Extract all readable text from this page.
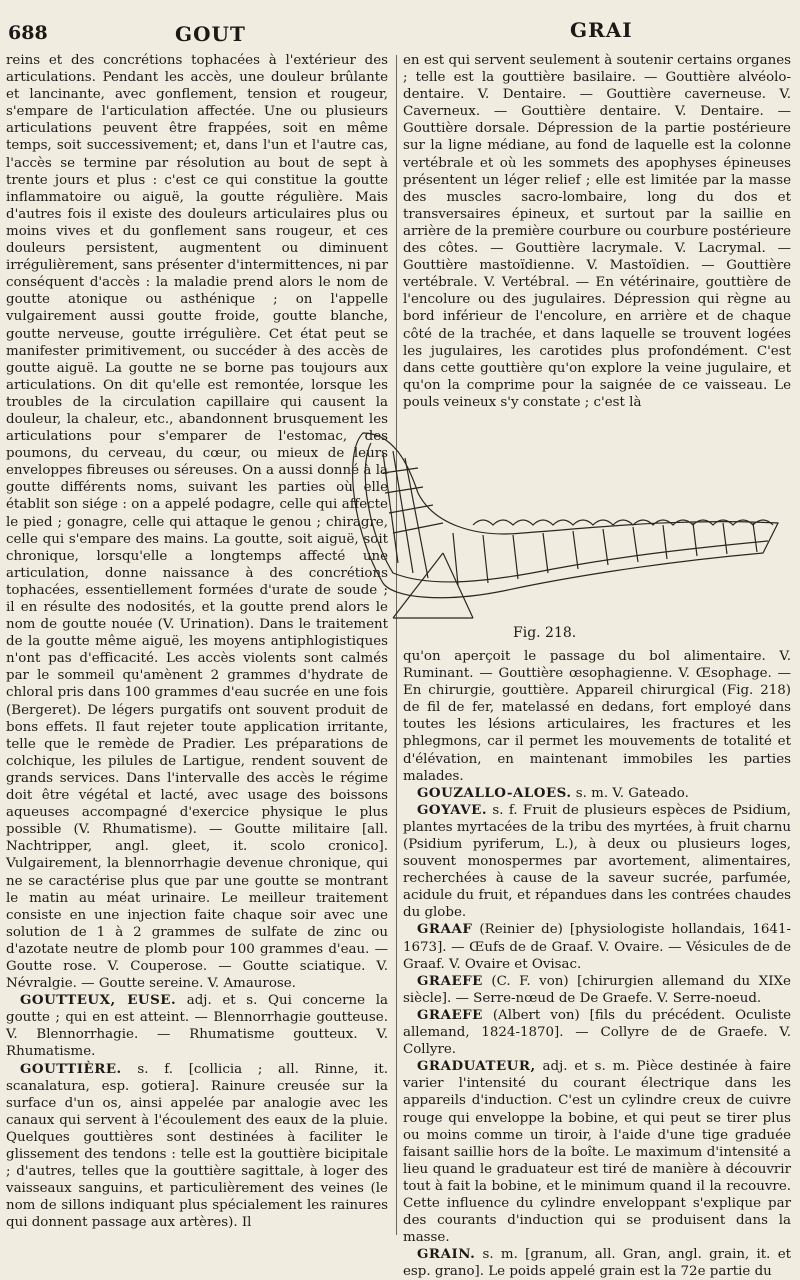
688	GOUT	GRAI

reins et des concrétions tophacées à l'extérieur des articulations. Pendant les accès, une douleur brûlante et lancinante, avec gonflement, tension et rougeur, s'empare de l'articulation affectée. Une ou plusieurs articulations peuvent être frappées, soit en même temps, soit successivement; et, dans l'un et l'autre cas, l'accès se termine par résolution au bout de sept à trente jours et plus : c'est ce qui constitue la goutte inflammatoire ou aiguë, la goutte régulière. Mais d'autres fois il existe des douleurs articulaires plus ou moins vives et du gonflement sans rougeur, et ces douleurs persistent, augmentent ou diminuent irrégulièrement, sans présenter d'intermittences, ni par conséquent d'accès : la maladie prend alors le nom de goutte atonique ou asthénique ; on l'appelle vulgairement aussi goutte froide, goutte blanche, goutte nerveuse, goutte irrégulière. Cet état peut se manifester primitivement, ou succéder à des accès de goutte aiguë. La goutte ne se borne pas toujours aux articulations. On dit qu'elle est remontée, lorsque les troubles de la circulation capillaire qui causent la douleur, la chaleur, etc., abandonnent brusquement les articulations pour s'emparer de l'estomac, des poumons, du cerveau, du cœur, ou mieux de leurs enveloppes fibreuses ou séreuses. On a aussi donné à la goutte différents noms, suivant les parties où elle établit son siége : on a appelé podagre, celle qui affecte le pied ; gonagre, celle qui attaque le genou ; chiragre, celle qui s'empare des mains. La goutte, soit aiguë, soit chronique, lorsqu'elle a longtemps affecté une articulation, donne naissance à des concrétions tophacées, essentiellement formées d'urate de soude ; il en résulte des nodosités, et la goutte prend alors le nom de goutte nouée (V. Urination). Dans le traitement de la goutte même aiguë, les moyens antiphlogistiques n'ont pas d'efficacité. Les accès violents sont calmés par le sommeil qu'amènent 2 grammes d'hydrate de chloral pris dans 100 grammes d'eau sucrée en une fois (Bergeret). De légers purgatifs ont souvent produit de bons effets. Il faut rejeter toute application irritante, telle que le remède de Pradier. Les préparations de colchique, les pilules de Lartigue, rendent souvent de grands services. Dans l'intervalle des accès le régime doit être végétal et lacté, avec usage des boissons aqueuses accompagné d'exercice physique le plus possible (V. Rhumatisme). — Goutte militaire [all. Nachtripper, angl. gleet, it. scolo cronico]. Vulgairement, la blennorrhagie devenue chronique, qui ne se caractérise plus que par une goutte se montrant le matin au méat urinaire. Le meilleur traitement consiste en une injection faite chaque soir avec une solution de 1 à 2 grammes de sulfate de zinc ou d'azotate neutre de plomb pour 100 grammes d'eau. — Goutte rose. V. Couperose. — Goutte sciatique. V. Névralgie. — Goutte sereine. V. Amaurose.

GOUTTEUX, EUSE. adj. et s. Qui concerne la goutte ; qui en est atteint. — Blennorrhagie goutteuse. V. Blennorrhagie. — Rhumatisme goutteux. V. Rhumatisme.

GOUTTIÈRE. s. f. [collicia ; all. Rinne, it. scanalatura, esp. gotiera]. Rainure creusée sur la surface d'un os, ainsi appelée par analogie avec les canaux qui servent à l'écoulement des eaux de la pluie. Quelques gouttières sont destinées à faciliter le glissement des tendons : telle est la gouttière bicipitale ; d'autres, telles que la gouttière sagittale, à loger des vaisseaux sanguins, et particulièrement des veines (le nom de sillons indiquant plus spécialement les rainures qui donnent passage aux artères). Il

en est qui servent seulement à soutenir certains organes ; telle est la gouttière basilaire. — Gouttière alvéolo-dentaire. V. Dentaire. — Gouttière caverneuse. V. Caverneux. — Gouttière dentaire. V. Dentaire. — Gouttière dorsale. Dépression de la partie postérieure sur la ligne médiane, au fond de laquelle est la colonne vertébrale et où les sommets des apophyses épineuses présentent un léger relief ; elle est limitée par la masse des muscles sacro-lombaire, long du dos et transversaires épineux, et surtout par la saillie en arrière de la première courbure ou courbure postérieure des côtes. — Gouttière lacrymale. V. Lacrymal. — Gouttière mastoïdienne. V. Mastoïdien. — Gouttière vertébrale. V. Vertébral. — En vétérinaire, gouttière de l'encolure ou des jugulaires. Dépression qui règne au bord inférieur de l'encolure, en arrière et de chaque côté de la trachée, et dans laquelle se trouvent logées les jugulaires, les carotides plus profondément. C'est dans cette gouttière qu'on explore la veine jugulaire, et qu'on la comprime pour la saignée de ce vaisseau. Le pouls veineux s'y constate ; c'est là

Fig. 218.

qu'on aperçoit le passage du bol alimentaire. V. Ruminant. — Gouttière œsophagienne. V. Œsophage. — En chirurgie, gouttière. Appareil chirurgical (Fig. 218) de fil de fer, matelassé en dedans, fort employé dans toutes les lésions articulaires, les fractures et les phlegmons, car il permet les mouvements de totalité et d'élévation, en maintenant immobiles les parties malades.

GOUZALLO-ALOES. s. m. V. Gateado.

GOYAVE. s. f. Fruit de plusieurs espèces de Psidium, plantes myrtacées de la tribu des myrtées, à fruit charnu (Psidium pyriferum, L.), à deux ou plusieurs loges, souvent monospermes par avortement, alimentaires, recherchées à cause de la saveur sucrée, parfumée, acidule du fruit, et répandues dans les contrées chaudes du globe.

GRAAF (Reinier de) [physiologiste hollandais, 1641-1673]. — Œufs de de Graaf. V. Ovaire. — Vésicules de de Graaf. V. Ovaire et Ovisac.

GRAEFE (C. F. von) [chirurgien allemand du XIXe siècle]. — Serre-nœud de De Graefe. V. Serre-noeud.

GRAEFE (Albert von) [fils du précédent. Oculiste allemand, 1824-1870]. — Collyre de de Graefe. V. Collyre.

GRADUATEUR, adj. et s. m. Pièce destinée à faire varier l'intensité du courant électrique dans les appareils d'induction. C'est un cylindre creux de cuivre rouge qui enveloppe la bobine, et qui peut se tirer plus ou moins comme un tiroir, à l'aide d'une tige graduée faisant saillie hors de la boîte. Le maximum d'intensité a lieu quand le graduateur est tiré de manière à découvrir tout à fait la bobine, et le minimum quand il la recouvre. Cette influence du cylindre enveloppant s'explique par des courants d'induction qui se produisent dans la masse.

GRAIN. s. m. [granum, all. Gran, angl. grain, it. et esp. grano]. Le poids appelé grain est la 72e partie du
